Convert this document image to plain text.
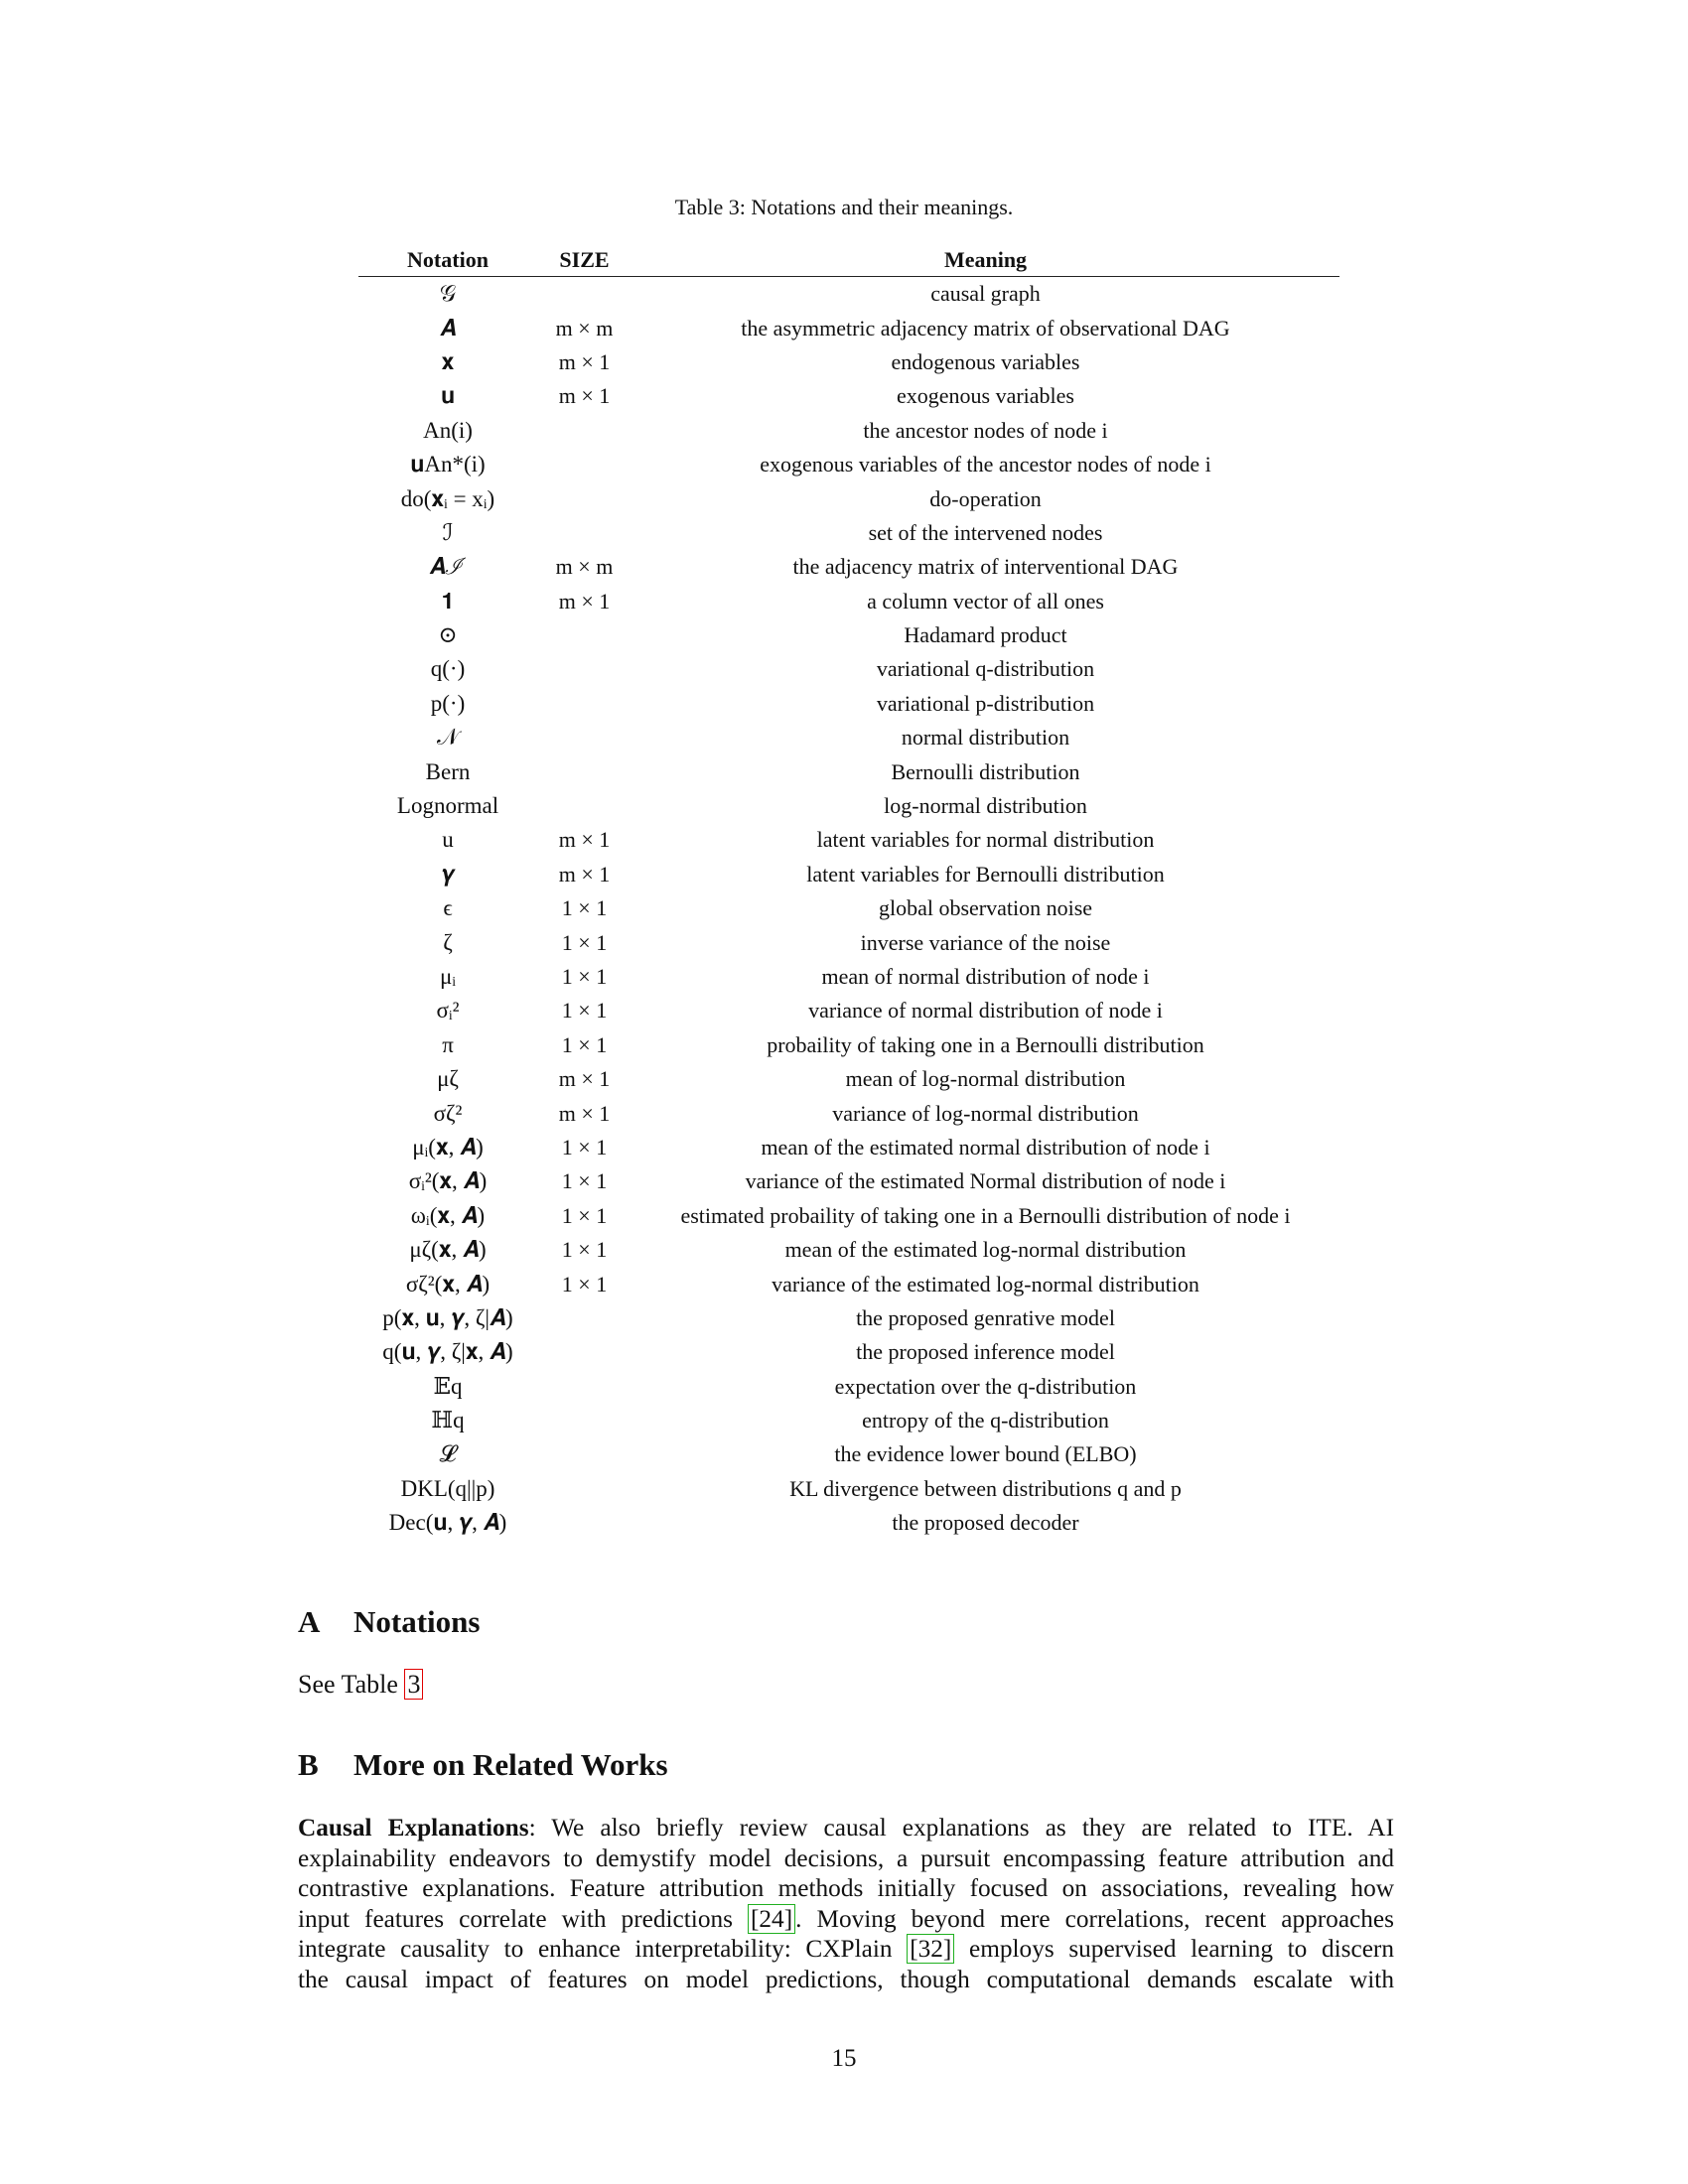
Table 3: Notations and their meanings.
Notation	SIZE	Meaning
𝒢		causal graph
𝑨	m × m	the asymmetric adjacency matrix of observational DAG
𝐱	m × 1	endogenous variables
𝐮	m × 1	exogenous variables
An(i)		the ancestor nodes of node i
𝐮An*(i)		exogenous variables of the ancestor nodes of node i
do(𝐱ᵢ = xᵢ)		do-operation
ℐ		set of the intervened nodes
𝑨ℐ	m × m	the adjacency matrix of interventional DAG
𝟏	m × 1	a column vector of all ones
⊙		Hadamard product
q(·)		variational q-distribution
p(·)		variational p-distribution
𝒩		normal distribution
Bern		Bernoulli distribution
Lognormal		log-normal distribution
u	m × 1	latent variables for normal distribution
𝜸	m × 1	latent variables for Bernoulli distribution
ϵ	1 × 1	global observation noise
ζ	1 × 1	inverse variance of the noise
μᵢ	1 × 1	mean of normal distribution of node i
σᵢ²	1 × 1	variance of normal distribution of node i
π	1 × 1	probaility of taking one in a Bernoulli distribution
μζ	m × 1	mean of log-normal distribution
σζ²	m × 1	variance of log-normal distribution
μᵢ(𝐱, 𝑨)	1 × 1	mean of the estimated normal distribution of node i
σᵢ²(𝐱, 𝑨)	1 × 1	variance of the estimated Normal distribution of node i
ωᵢ(𝐱, 𝑨)	1 × 1	estimated probaility of taking one in a Bernoulli distribution of node i
μζ(𝐱, 𝑨)	1 × 1	mean of the estimated log-normal distribution
σζ²(𝐱, 𝑨)	1 × 1	variance of the estimated log-normal distribution
p(𝐱, 𝐮, 𝜸, ζ|𝑨)		the proposed genrative model
q(𝐮, 𝜸, ζ|𝐱, 𝑨)		the proposed inference model
𝔼q		expectation over the q-distribution
ℍq		entropy of the q-distribution
𝓛		the evidence lower bound (ELBO)
DKL(q||p)		KL divergence between distributions q and p
Dec(𝐮, 𝜸, 𝑨)		the proposed decoder
A Notations
See Table 3
B More on Related Works
Causal Explanations: We also briefly review causal explanations as they are related to ITE. AI
explainability endeavors to demystify model decisions, a pursuit encompassing feature attribution and
contrastive explanations. Feature attribution methods initially focused on associations, revealing how
input features correlate with predictions [24] . Moving beyond mere correlations, recent approaches
integrate causality to enhance interpretability: CXPlain [32] employs supervised learning to discern
the causal impact of features on model predictions, though computational demands escalate with
15
